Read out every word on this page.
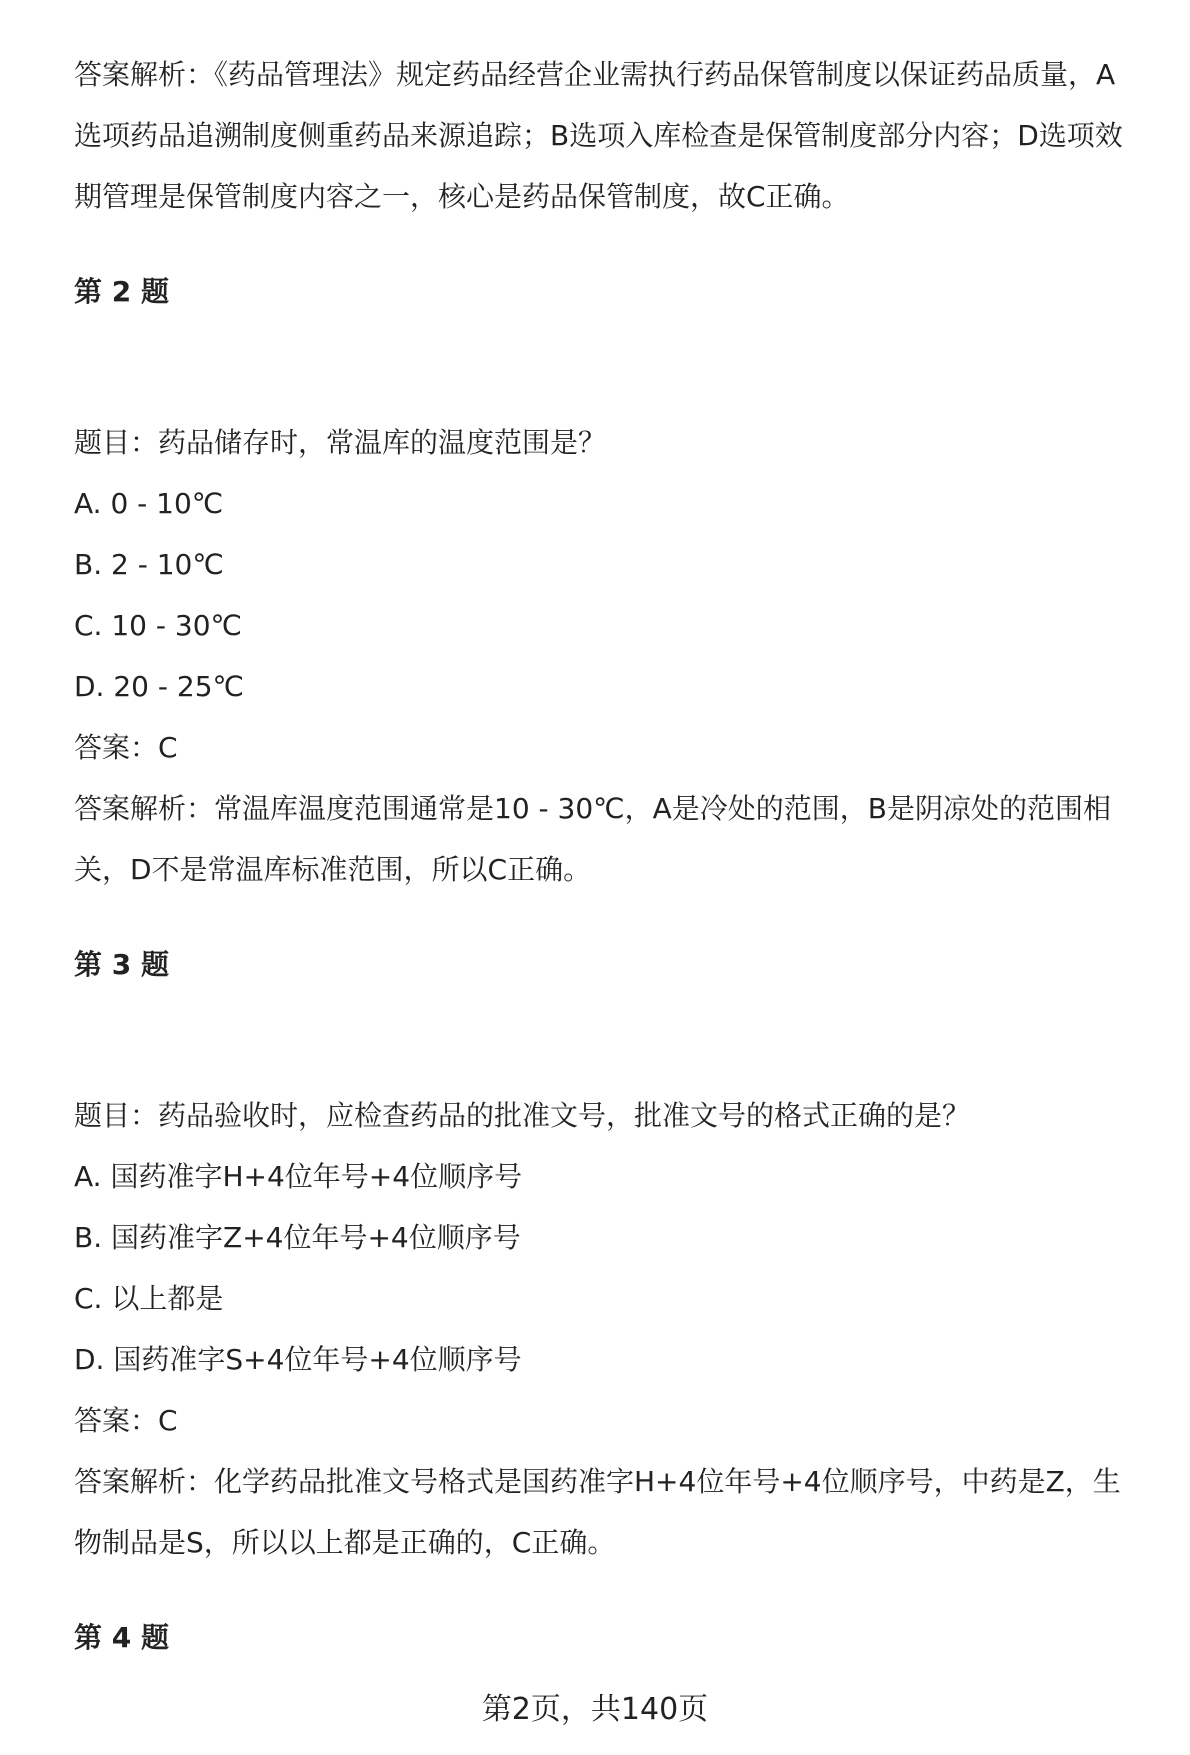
答案解析：《药品管理法》规定药品经营企业需执行药品保管制度以保证药品质量，A选项药品追溯制度侧重药品来源追踪；B选项入库检查是保管制度部分内容；D选项效期管理是保管制度内容之一，核心是药品保管制度，故C正确。

第 2 题

题目：药品储存时，常温库的温度范围是？

A. 0 - 10℃

B. 2 - 10℃

C. 10 - 30℃

D. 20 - 25℃

答案：C

答案解析：常温库温度范围通常是10 - 30℃，A是冷处的范围，B是阴凉处的范围相关，D不是常温库标准范围，所以C正确。

第 3 题

题目：药品验收时，应检查药品的批准文号，批准文号的格式正确的是？

A. 国药准字H+4位年号+4位顺序号

B. 国药准字Z+4位年号+4位顺序号

C. 以上都是

D. 国药准字S+4位年号+4位顺序号

答案：C

答案解析：化学药品批准文号格式是国药准字H+4位年号+4位顺序号，中药是Z，生物制品是S，所以以上都是正确的，C正确。

第 4 题

第2页，共140页
